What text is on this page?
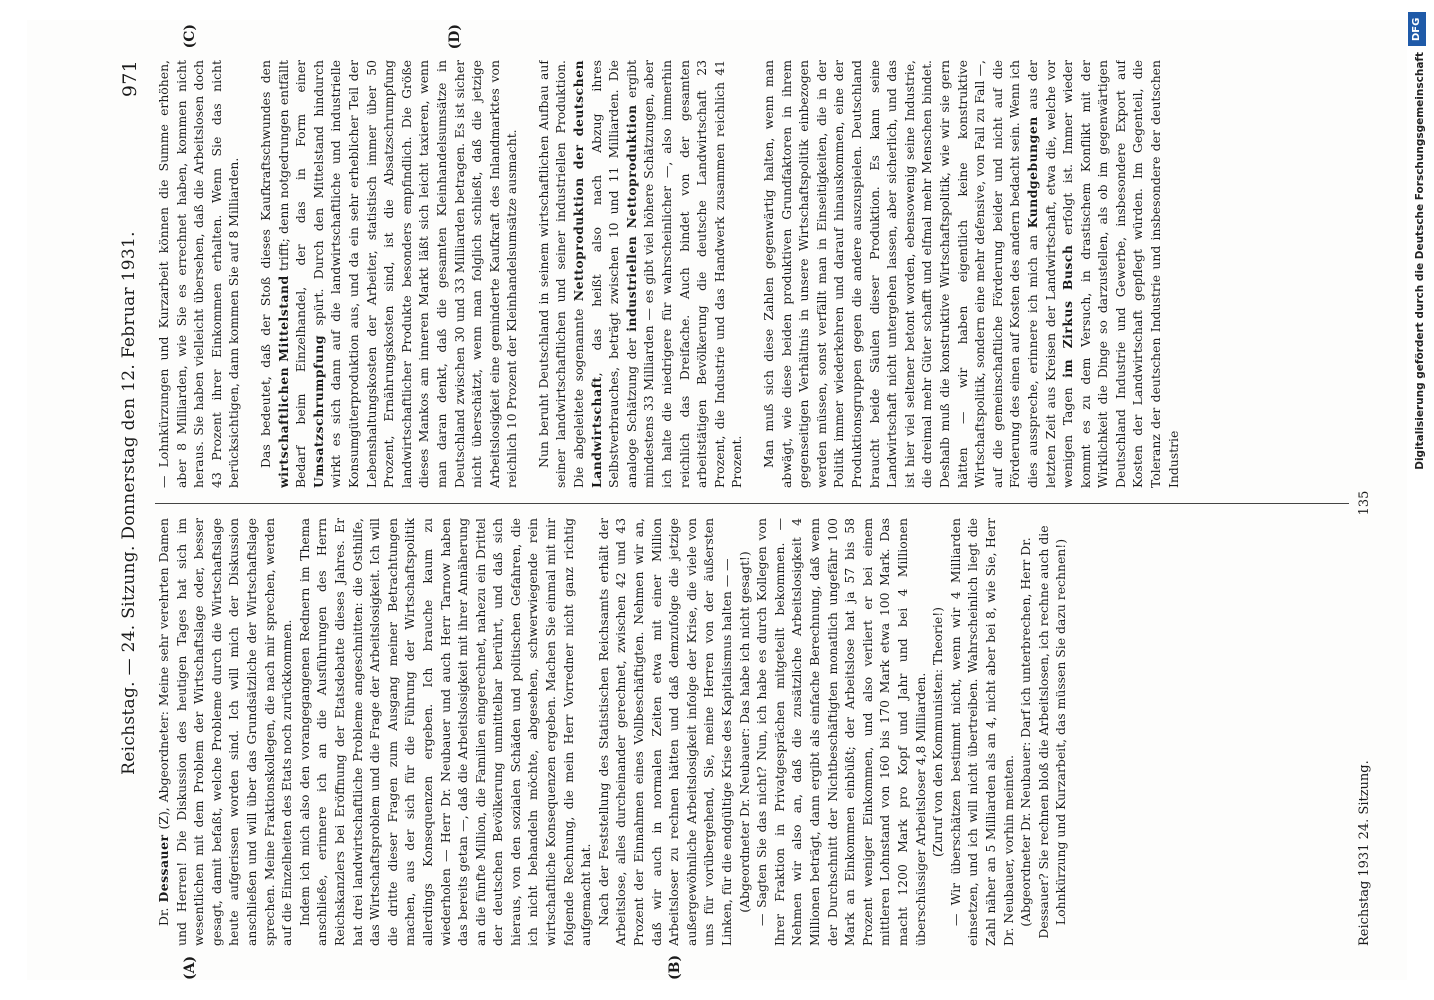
Reichstag. — 24. Sitzung. Donnerstag den 12. Februar 1931.
971
(A)	(B)
(C)	(D)

Dr. Dessauer (Z), Abgeordneter: Meine sehr verehrten Damen und Herren! Die Diskussion des heutigen Tages hat sich im wesentlichen mit dem Problem der Wirtschaftslage oder, besser gesagt, damit befaßt, welche Probleme durch die Wirtschaftslage heute aufgerissen worden sind. Ich will mich der Diskussion anschließen und will über das Grundsätzliche der Wirtschaftslage sprechen. Meine Fraktionskollegen, die nach mir sprechen, werden auf die Einzelheiten des Etats noch zurückkommen. Indem ich mich also den vorangegangenen Rednern im Thema anschließe, erinnere ich an die Ausführungen des Herrn Reichskanzlers bei Eröffnung der Etatsdebatte dieses Jahres. Er hat drei landwirtschaftliche Probleme angeschnitten: die Osthilfe, das Wirtschaftsproblem und die Frage der Arbeitslosigkeit. Ich will die dritte dieser Fragen zum Ausgang meiner Betrachtungen machen, aus der sich für die Führung der Wirtschaftspolitik allerdings Konsequenzen ergeben. Ich brauche kaum zu wiederholen — Herr Dr. Neubauer und auch Herr Tarnow haben das bereits getan —, daß die Arbeitslosigkeit mit ihrer Annäherung an die fünfte Million, die Familien eingerechnet, nahezu ein Drittel der deutschen Bevölkerung unmittelbar berührt, und daß sich hieraus, von den sozialen Schäden und politischen Gefahren, die ich nicht behandeln möchte, abgesehen, schwerwiegende rein wirtschaftliche Konsequenzen ergeben. Machen Sie einmal mit mir folgende Rechnung, die mein Herr Vorredner nicht ganz richtig aufgemacht hat. Nach der Feststellung des Statistischen Reichsamts erhält der Arbeitslose, alles durcheinander gerechnet, zwischen 42 und 43 Prozent der Einnahmen eines Vollbeschäftigten. Nehmen wir an, daß wir auch in normalen Zeiten etwa mit einer Million Arbeitsloser zu rechnen hätten und daß demzufolge die jetzige außergewöhnliche Arbeitslosigkeit infolge der Krise, die viele von uns für vorübergehend, Sie, meine Herren von der äußersten Linken, für die endgültige Krise des Kapitalismus halten — — (Abgeordneter Dr. Neubauer: Das habe ich nicht gesagt!) — Sagten Sie das nicht? Nun, ich habe es durch Kollegen von Ihrer Fraktion in Privatgesprächen mitgeteilt bekommen. — Nehmen wir also an, daß die zusätzliche Arbeitslosigkeit 4 Millionen beträgt, dann ergibt als einfache Berechnung, daß wenn der Durchschnitt der Nichtbeschäftigten monatlich ungefähr 100 Mark an Einkommen einbüßt; der Arbeitslose hat ja 57 bis 58 Prozent weniger Einkommen, und also verliert er bei einem mittleren Lohnstand von 160 bis 170 Mark etwa 100 Mark. Das macht 1200 Mark pro Kopf und Jahr und bei 4 Millionen überschüssiger Arbeitsloser 4,8 Milliarden. (Zuruf von den Kommunisten: Theorie!) — Wir überschätzen bestimmt nicht, wenn wir 4 Milliarden einsetzen, und ich will nicht übertreiben. Wahrscheinlich liegt die Zahl näher an 5 Milliarden als an 4, nicht aber bei 8, wie Sie, Herr Dr. Neubauer, vorhin meinten. (Abgeordneter Dr. Neubauer: Darf ich unterbrechen, Herr Dr. Dessauer? Sie rechnen bloß die Arbeitslosen, ich rechne auch die Lohnkürzung und Kurzarbeit, das müssen Sie dazu rechnen!)

— Lohnkürzungen und Kurzarbeit können die Summe erhöhen, aber 8 Milliarden, wie Sie es errechnet haben, kommen nicht heraus. Sie haben vielleicht übersehen, daß die Arbeitslosen doch 43 Prozent ihrer Einkommen erhalten. Wenn Sie das nicht berücksichtigen, dann kommen Sie auf 8 Milliarden. Das bedeutet, daß der Stoß dieses Kaufkraftschwundes den wirtschaftlichen Mittelstand trifft; denn notgedrungen entfällt Bedarf beim Einzelhandel, der das in Form einer Umsatzschrumpfung spürt. Durch den Mittelstand hindurch wirkt es sich dann auf die landwirtschaftliche und industrielle Konsumgüterproduktion aus, und da ein sehr erheblicher Teil der Lebenshaltungskosten der Arbeiter, statistisch immer über 50 Prozent, Ernährungskosten sind, ist die Absatzschrumpfung landwirtschaftlicher Produkte besonders empfindlich. Die Größe dieses Mankos am inneren Markt läßt sich leicht taxieren, wenn man daran denkt, daß die gesamten Kleinhandelsumsätze in Deutschland zwischen 30 und 33 Milliarden betragen. Es ist sicher nicht überschätzt, wenn man folglich schließt, daß die jetzige Arbeitslosigkeit eine geminderte Kaufkraft des Inlandmarktes von reichlich 10 Prozent der Kleinhandelsumsätze ausmacht. Nun beruht Deutschland in seinem wirtschaftlichen Aufbau auf seiner landwirtschaftlichen und seiner industriellen Produktion. Die abgeleitete sogenannte Nettoproduktion der deutschen Landwirtschaft, das heißt also nach Abzug ihres Selbstverbrauches, beträgt zwischen 10 und 11 Milliarden. Die analoge Schätzung der industriellen Nettoproduktion ergibt mindestens 33 Milliarden — es gibt viel höhere Schätzungen, aber ich halte die niedrigere für wahrscheinlicher —, also immerhin reichlich das Dreifache. Auch bindet von der gesamten arbeitstätigen Bevölkerung die deutsche Landwirtschaft 23 Prozent, die Industrie und das Handwerk zusammen reichlich 41 Prozent. Man muß sich diese Zahlen gegenwärtig halten, wenn man abwägt, wie diese beiden produktiven Grundfaktoren in ihrem gegenseitigen Verhältnis in unsere Wirtschaftspolitik einbezogen werden müssen, sonst verfällt man in Einseitigkeiten, die in der Politik immer wiederkehren und darauf hinauskommen, eine der Produktionsgruppen gegen die andere auszuspielen. Deutschland braucht beide Säulen dieser Produktion. Es kann seine Landwirtschaft nicht untergehen lassen, aber sicherlich, und das ist hier viel seltener betont worden, ebensowenig seine Industrie, die dreimal mehr Güter schafft und elfmal mehr Menschen bindet. Deshalb muß die konstruktive Wirtschaftspolitik, wie wir sie gern hätten — wir haben eigentlich keine konstruktive Wirtschaftspolitik, sondern eine mehr defensive, von Fall zu Fall —, auf die gemeinschaftliche Förderung beider und nicht auf die Förderung des einen auf Kosten des andern bedacht sein. Wenn ich dies ausspreche, erinnere ich mich an Kundgebungen aus der letzten Zeit aus Kreisen der Landwirtschaft, etwa die, welche vor wenigen Tagen im Zirkus Busch erfolgt ist. Immer wieder kommt es zu dem Versuch, in drastischem Konflikt mit der Wirklichkeit die Dinge so darzustellen, als ob im gegenwärtigen Deutschland Industrie und Gewerbe, insbesondere Export auf Kosten der Landwirtschaft gepflegt würden. Im Gegenteil, die Toleranz der deutschen Industrie und insbesondere der deutschen Industrie

Reichstag 1931 24. Sitzung.
135
DFG
Digitalisierung gefördert durch die Deutsche Forschungsgemeinschaft
